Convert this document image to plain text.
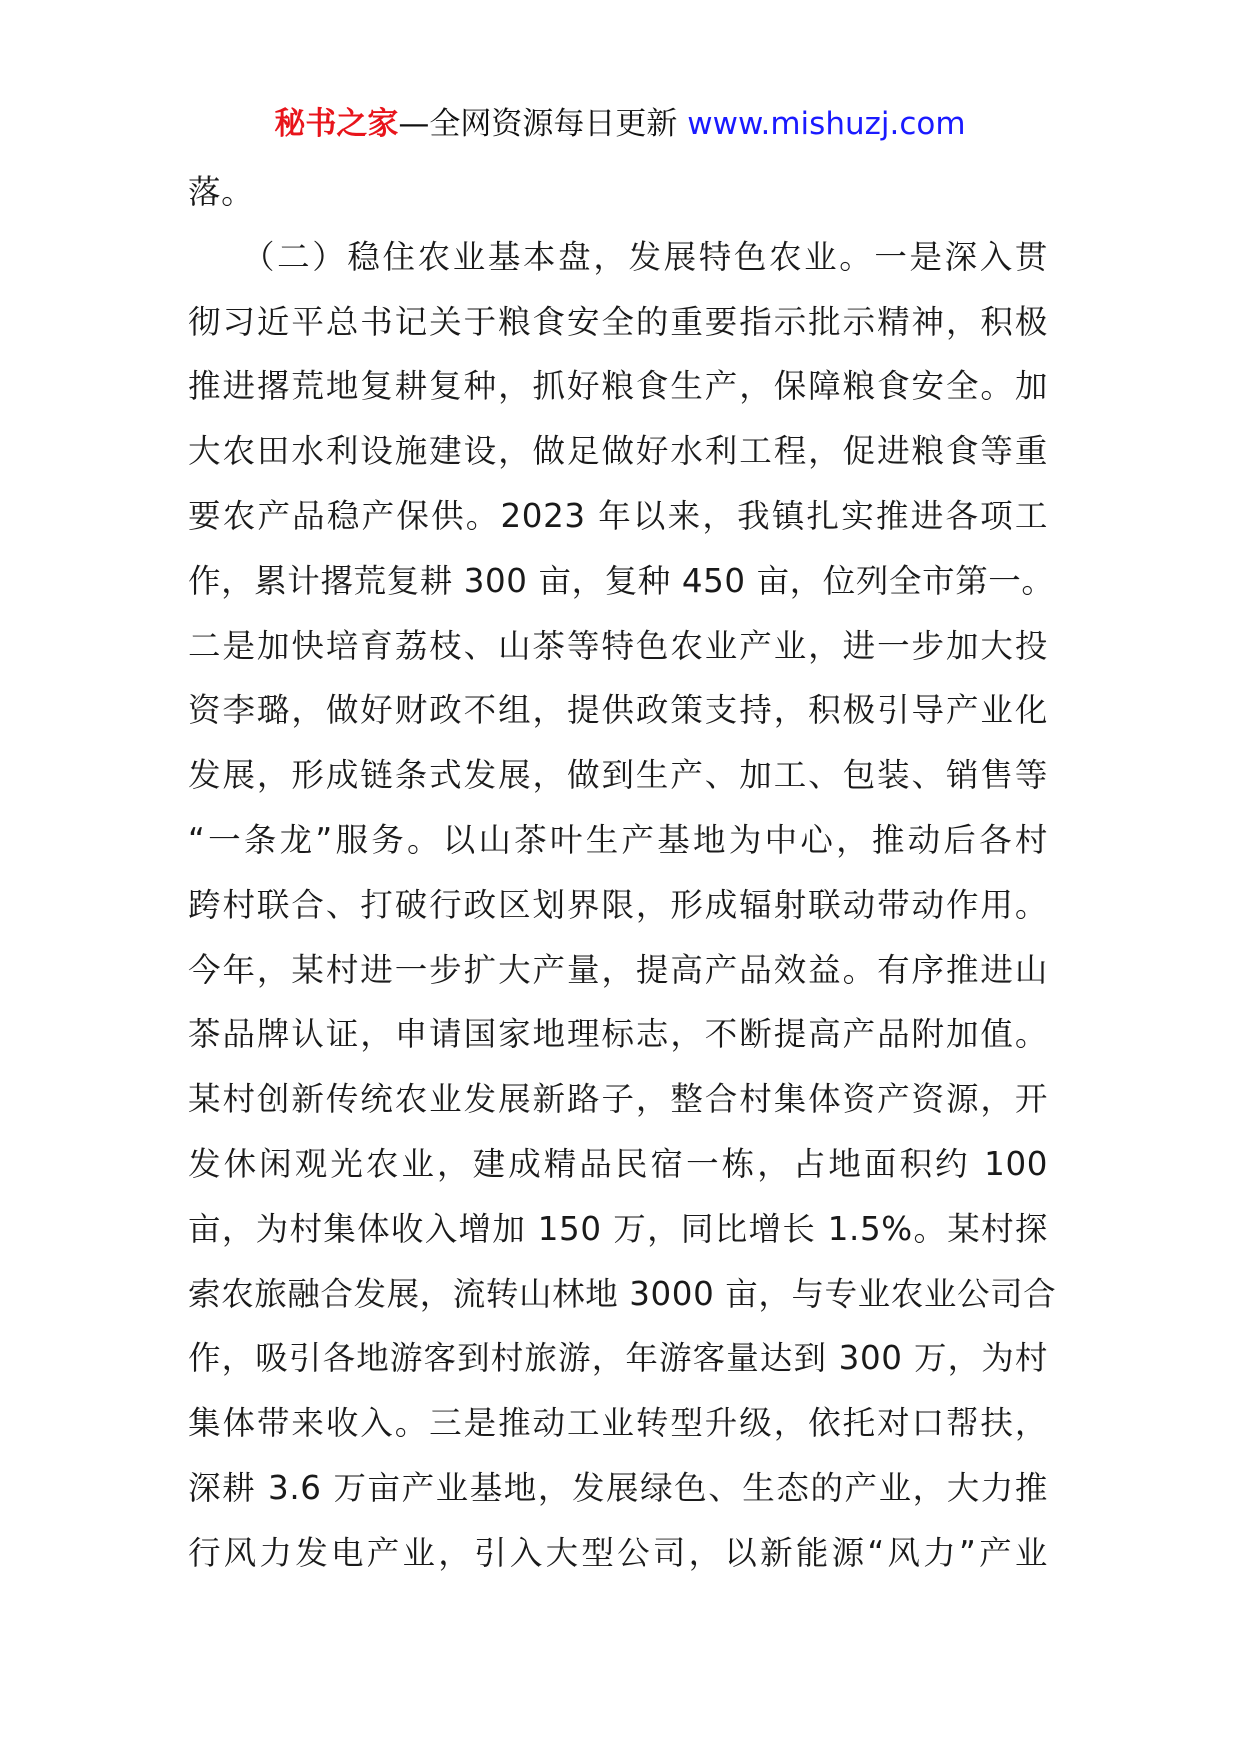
秘书之家—全网资源每日更新 www.mishuzj.com
落。
　　（二）稳住农业基本盘，发展特色农业。一是深入贯
彻习近平总书记关于粮食安全的重要指示批示精神，积极
推进撂荒地复耕复种，抓好粮食生产，保障粮食安全。加
大农田水利设施建设，做足做好水利工程，促进粮食等重
要农产品稳产保供。2023 年以来，我镇扎实推进各项工
作，累计撂荒复耕 300 亩，复种 450 亩，位列全市第一。
二是加快培育荔枝、山茶等特色农业产业，进一步加大投
资李璐，做好财政不组，提供政策支持，积极引导产业化
发展，形成链条式发展，做到生产、加工、包装、销售等
“一条龙”服务。以山茶叶生产基地为中心，推动后各村
跨村联合、打破行政区划界限，形成辐射联动带动作用。
今年，某村进一步扩大产量，提高产品效益。有序推进山
茶品牌认证，申请国家地理标志，不断提高产品附加值。
某村创新传统农业发展新路子，整合村集体资产资源，开
发休闲观光农业，建成精品民宿一栋，占地面积约 100
亩，为村集体收入增加 150 万，同比增长 1.5%。某村探
索农旅融合发展，流转山林地 3000 亩，与专业农业公司合
作，吸引各地游客到村旅游，年游客量达到 300 万，为村
集体带来收入。三是推动工业转型升级，依托对口帮扶，
深耕 3.6 万亩产业基地，发展绿色、生态的产业，大力推
行风力发电产业，引入大型公司，以新能源“风力”产业
